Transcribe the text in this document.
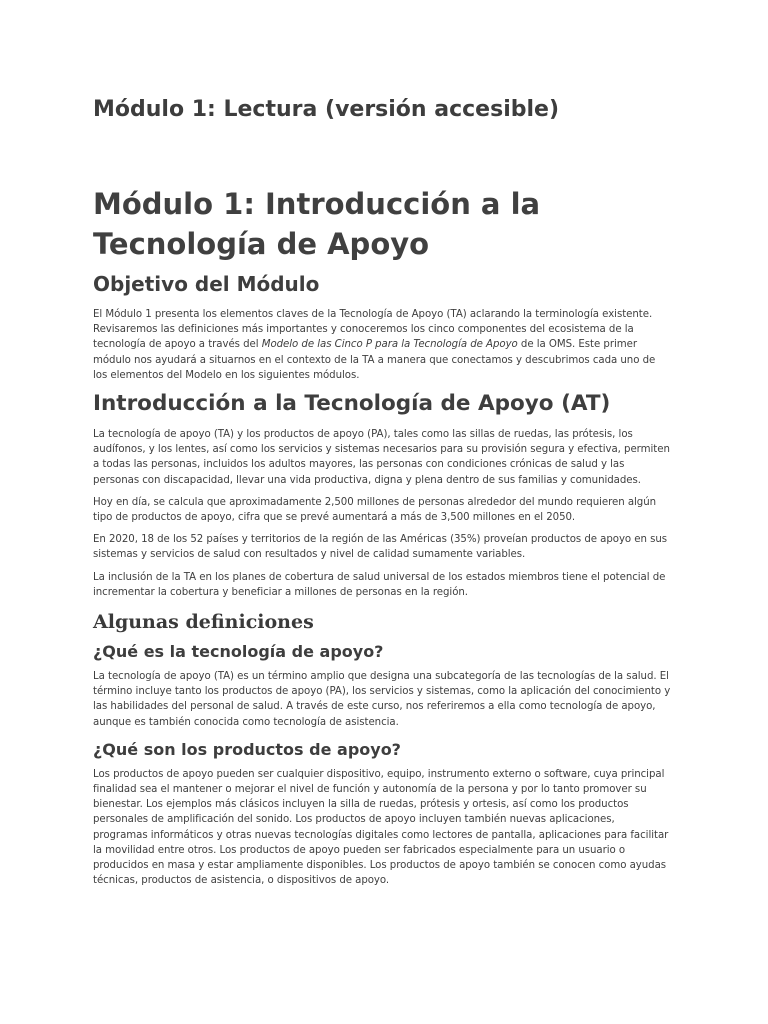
Módulo 1: Lectura (versión accesible)
Módulo 1: Introducción a la Tecnología de Apoyo
Objetivo del Módulo

El Módulo 1 presenta los elementos claves de la Tecnología de Apoyo (TA) aclarando la terminología existente. Revisaremos las definiciones más importantes y conoceremos los cinco componentes del ecosistema de la tecnología de apoyo a través del Modelo de las Cinco P para la Tecnología de Apoyo de la OMS. Este primer módulo nos ayudará a situarnos en el contexto de la TA a manera que conectamos y descubrimos cada uno de los elementos del Modelo en los siguientes módulos.

Introducción a la Tecnología de Apoyo (AT)

La tecnología de apoyo (TA) y los productos de apoyo (PA), tales como las sillas de ruedas, las prótesis, los audífonos, y los lentes, así como los servicios y sistemas necesarios para su provisión segura y efectiva, permiten a todas las personas, incluidos los adultos mayores, las personas con condiciones crónicas de salud y las personas con discapacidad, llevar una vida productiva, digna y plena dentro de sus familias y comunidades.

Hoy en día, se calcula que aproximadamente 2,500 millones de personas alrededor del mundo requieren algún tipo de productos de apoyo, cifra que se prevé aumentará a más de 3,500 millones en el 2050.

En 2020, 18 de los 52 países y territorios de la región de las Américas (35%) proveían productos de apoyo en sus sistemas y servicios de salud con resultados y nivel de calidad sumamente variables.

La inclusión de la TA en los planes de cobertura de salud universal de los estados miembros tiene el potencial de incrementar la cobertura y beneficiar a millones de personas en la región.

Algunas definiciones
¿Qué es la tecnología de apoyo?

La tecnología de apoyo (TA) es un término amplio que designa una subcategoría de las tecnologías de la salud. El término incluye tanto los productos de apoyo (PA), los servicios y sistemas, como la aplicación del conocimiento y las habilidades del personal de salud. A través de este curso, nos referiremos a ella como tecnología de apoyo, aunque es también conocida como tecnología de asistencia.

¿Qué son los productos de apoyo?

Los productos de apoyo pueden ser cualquier dispositivo, equipo, instrumento externo o software, cuya principal finalidad sea el mantener o mejorar el nivel de función y autonomía de la persona y por lo tanto promover su bienestar. Los ejemplos más clásicos incluyen la silla de ruedas, prótesis y ortesis, así como los productos personales de amplificación del sonido. Los productos de apoyo incluyen también nuevas aplicaciones, programas informáticos y otras nuevas tecnologías digitales como lectores de pantalla, aplicaciones para facilitar la movilidad entre otros. Los productos de apoyo pueden ser fabricados especialmente para un usuario o producidos en masa y estar ampliamente disponibles. Los productos de apoyo también se conocen como ayudas técnicas, productos de asistencia, o dispositivos de apoyo.
